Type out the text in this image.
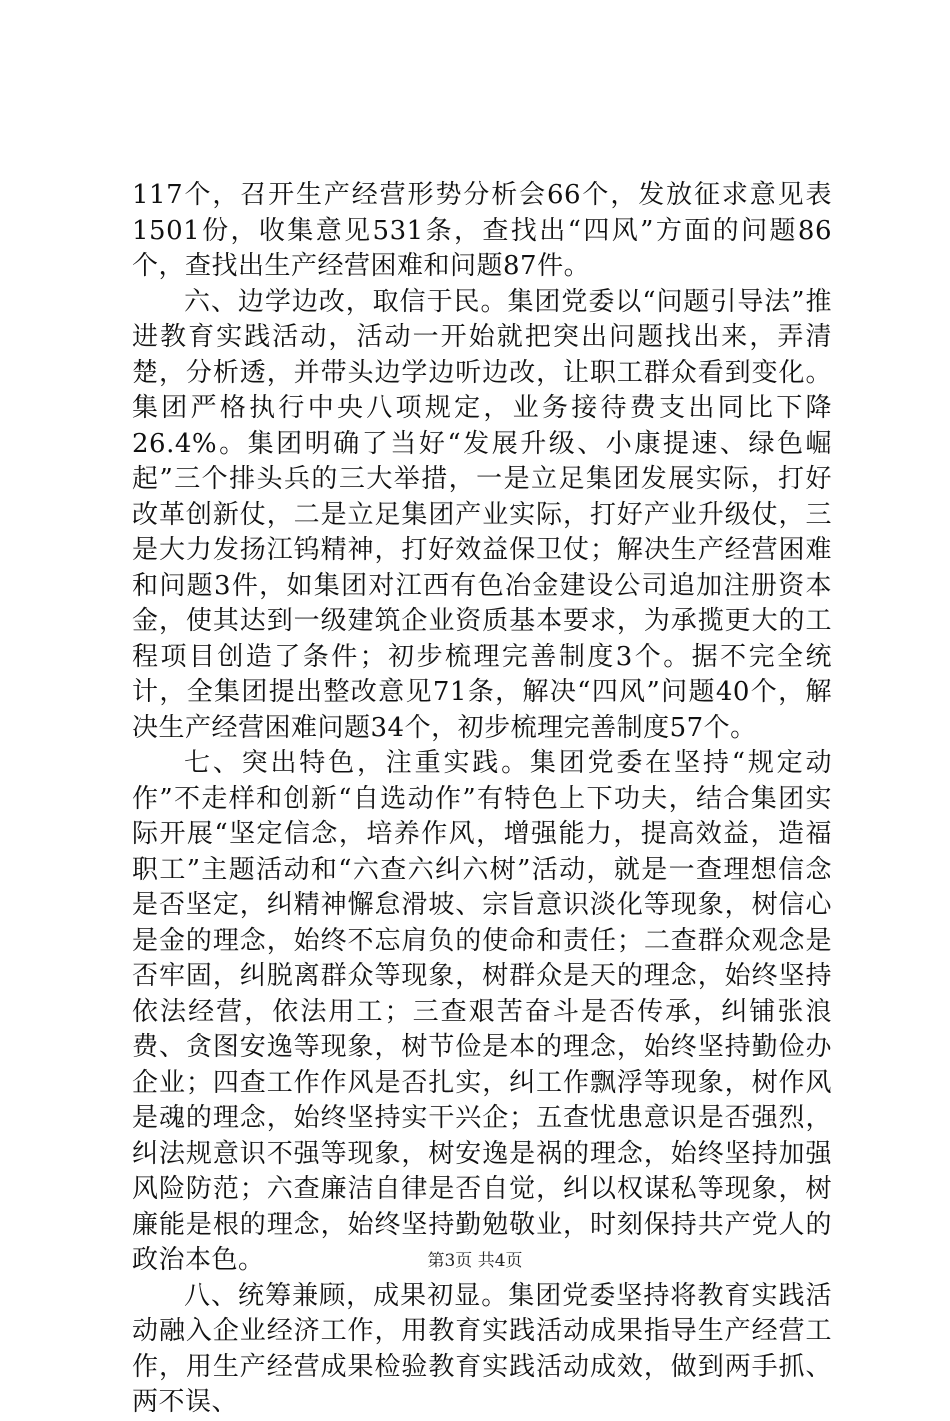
117个，召开生产经营形势分析会66个，发放征求意见表1501份，收集意见531条，查找出“四风”方面的问题86个，查找出生产经营困难和问题87件。

六、边学边改，取信于民。集团党委以“问题引导法”推进教育实践活动，活动一开始就把突出问题找出来，弄清楚，分析透，并带头边学边听边改，让职工群众看到变化。集团严格执行中央八项规定，业务接待费支出同比下降26.4%。集团明确了当好“发展升级、小康提速、绿色崛起”三个排头兵的三大举措，一是立足集团发展实际，打好改革创新仗，二是立足集团产业实际，打好产业升级仗，三是大力发扬江钨精神，打好效益保卫仗；解决生产经营困难和问题3件，如集团对江西有色冶金建设公司追加注册资本金，使其达到一级建筑企业资质基本要求，为承揽更大的工程项目创造了条件；初步梳理完善制度3个。据不完全统计，全集团提出整改意见71条，解决“四风”问题40个，解决生产经营困难问题34个，初步梳理完善制度57个。

七、突出特色，注重实践。集团党委在坚持“规定动作”不走样和创新“自选动作”有特色上下功夫，结合集团实际开展“坚定信念，培养作风，增强能力，提高效益，造福职工”主题活动和“六查六纠六树”活动，就是一查理想信念是否坚定，纠精神懈怠滑坡、宗旨意识淡化等现象，树信心是金的理念，始终不忘肩负的使命和责任；二查群众观念是否牢固，纠脱离群众等现象，树群众是天的理念，始终坚持依法经营，依法用工；三查艰苦奋斗是否传承，纠铺张浪费、贪图安逸等现象，树节俭是本的理念，始终坚持勤俭办企业；四查工作作风是否扎实，纠工作飘浮等现象，树作风是魂的理念，始终坚持实干兴企；五查忧患意识是否强烈，纠法规意识不强等现象，树安逸是祸的理念，始终坚持加强风险防范；六查廉洁自律是否自觉，纠以权谋私等现象，树廉能是根的理念，始终坚持勤勉敬业，时刻保持共产党人的政治本色。

八、统筹兼顾，成果初显。集团党委坚持将教育实践活动融入企业经济工作，用教育实践活动成果指导生产经营工作，用生产经营成果检验教育实践活动成效，做到两手抓、两不误、

第3页 共4页
